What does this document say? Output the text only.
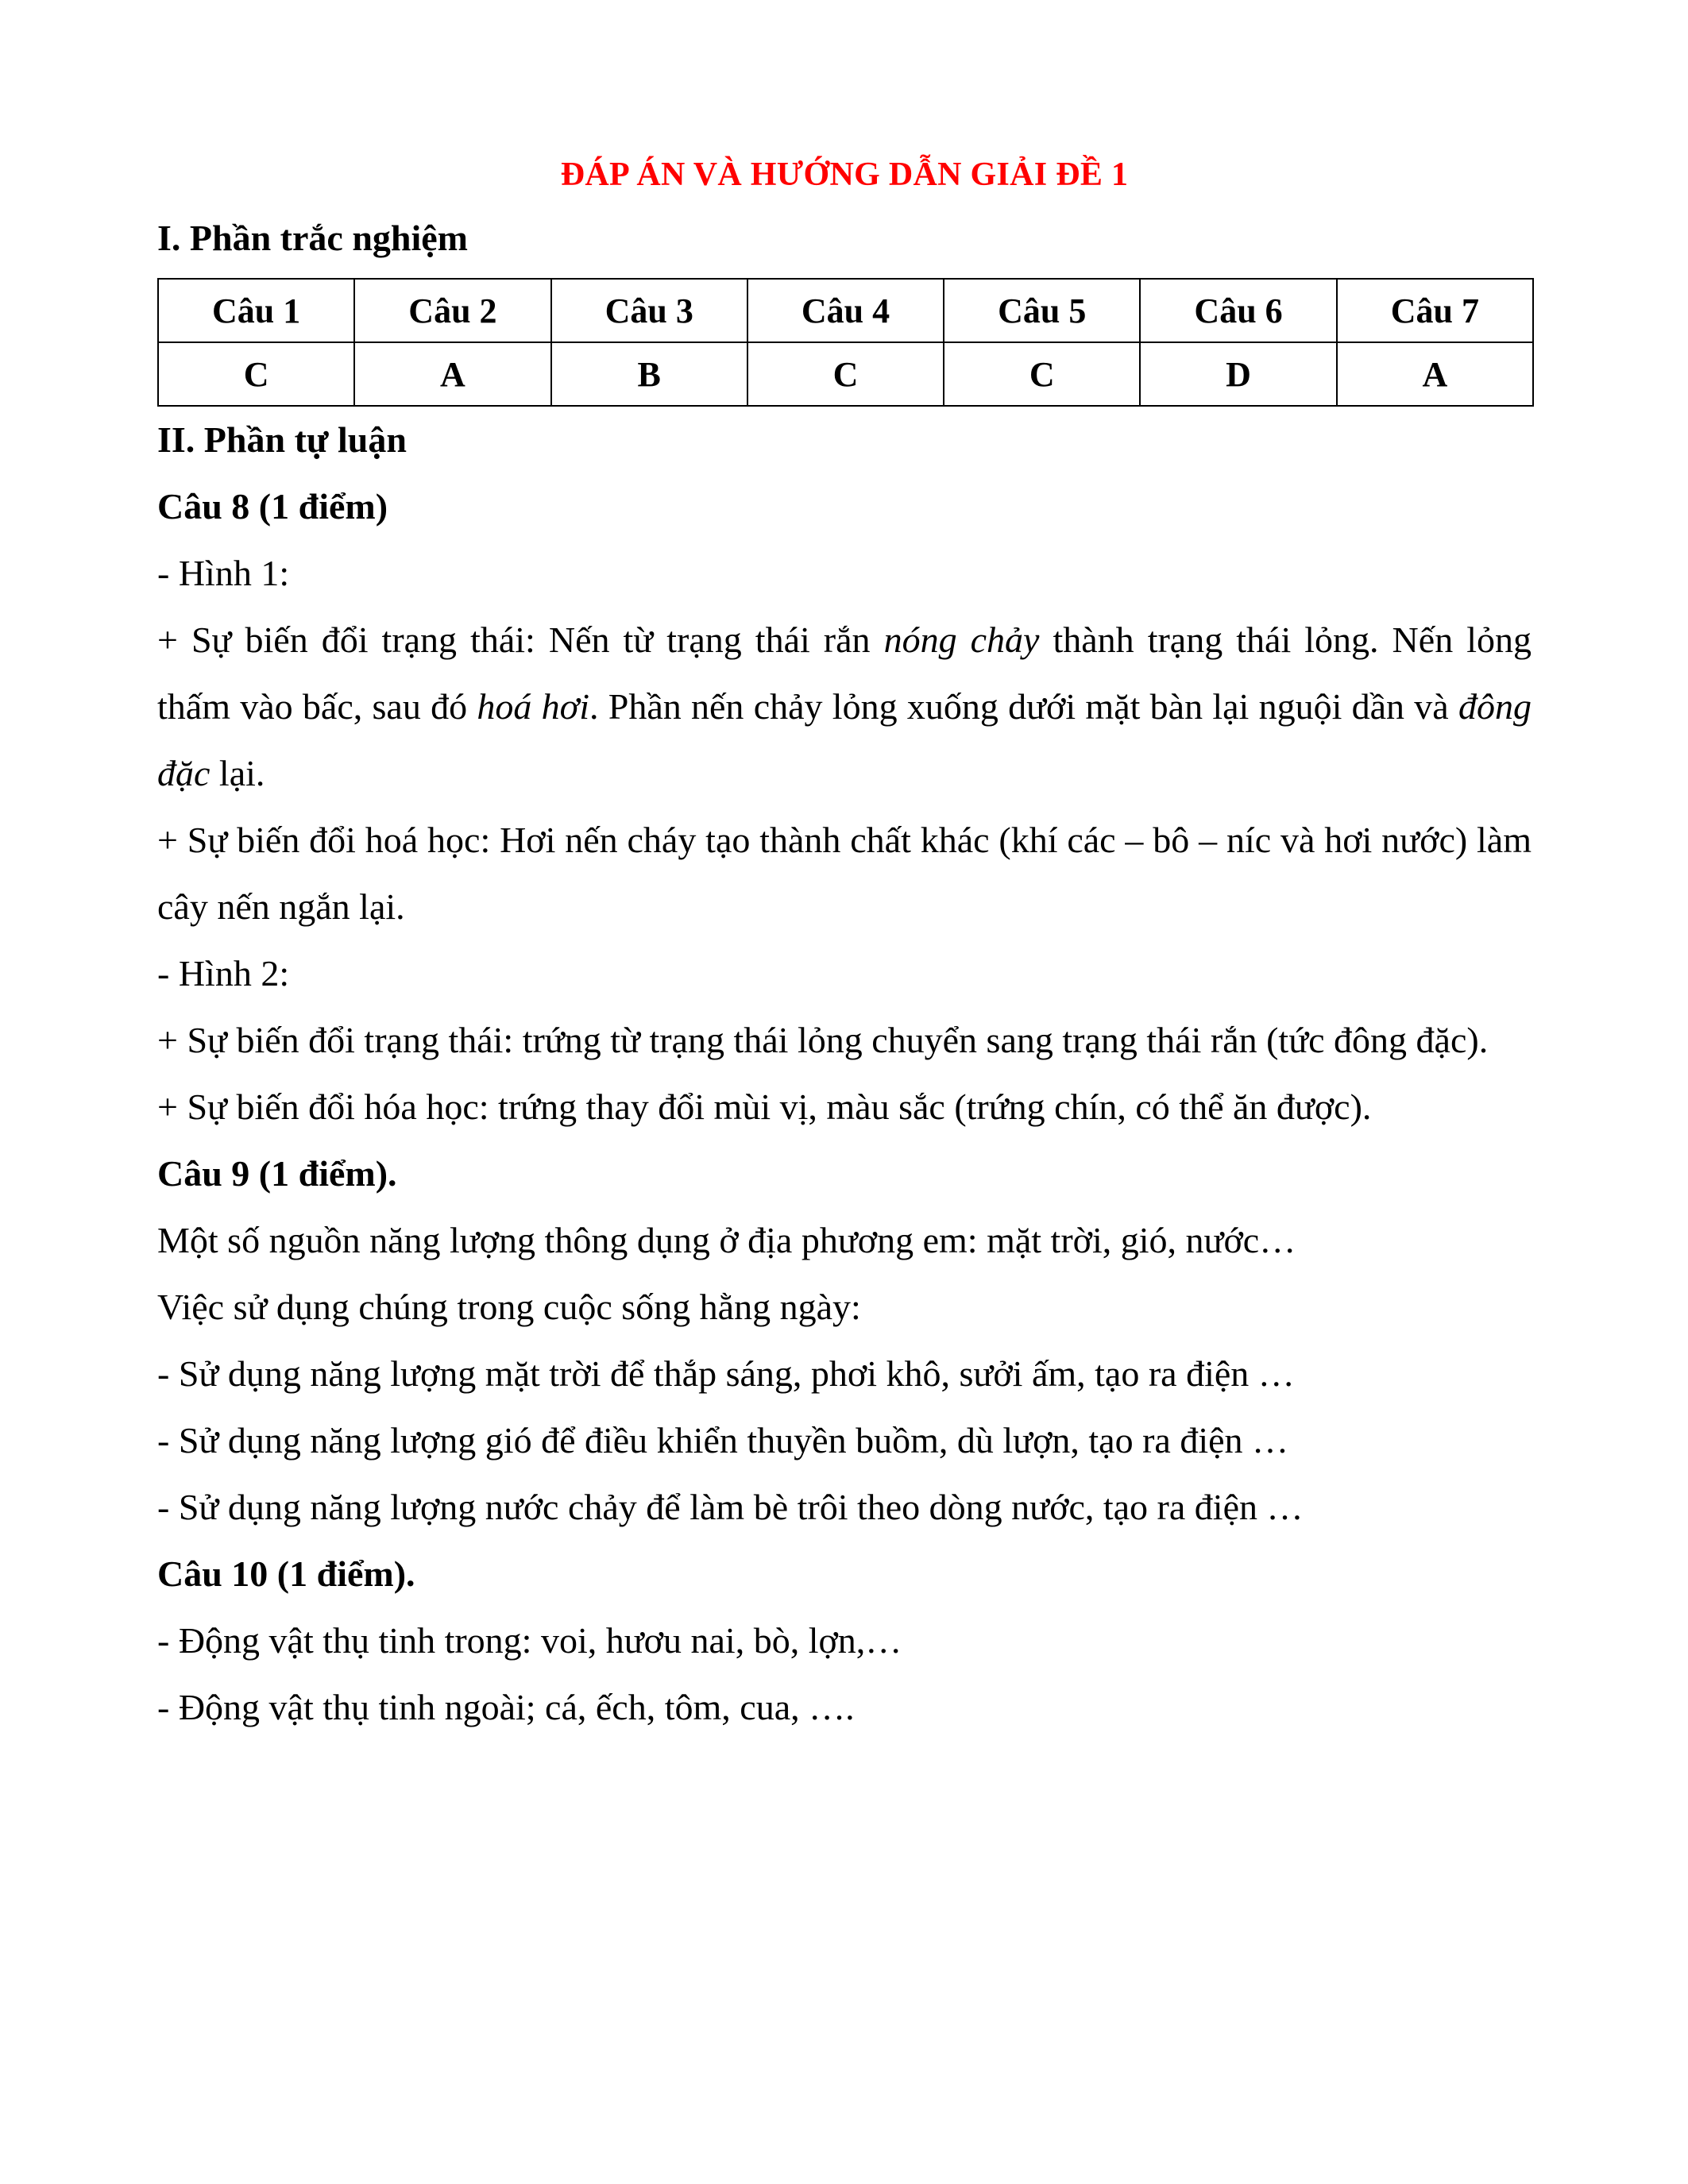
ĐÁP ÁN VÀ HƯỚNG DẪN GIẢI ĐỀ 1
I. Phần trắc nghiệm
Câu 1	Câu 2	Câu 3	Câu 4	Câu 5	Câu 6	Câu 7
C	A	B	C	C	D	A
II. Phần tự luận
Câu 8 (1 điểm)
- Hình 1:
+ Sự biến đổi trạng thái: Nến từ trạng thái rắn nóng chảy thành trạng thái lỏng. Nến lỏng thấm vào bấc, sau đó hoá hơi. Phần nến chảy lỏng xuống dưới mặt bàn lại nguội dần và đông đặc lại.
+ Sự biến đổi hoá học: Hơi nến cháy tạo thành chất khác (khí các – bô – níc và hơi nước) làm cây nến ngắn lại.
- Hình 2:
+ Sự biến đổi trạng thái: trứng từ trạng thái lỏng chuyển sang trạng thái rắn (tức đông đặc).
+ Sự biến đổi hóa học: trứng thay đổi mùi vị, màu sắc (trứng chín, có thể ăn được).
Câu 9 (1 điểm).
Một số nguồn năng lượng thông dụng ở địa phương em: mặt trời, gió, nước…
Việc sử dụng chúng trong cuộc sống hằng ngày:
- Sử dụng năng lượng mặt trời để thắp sáng, phơi khô, sưởi ấm, tạo ra điện …
- Sử dụng năng lượng gió để điều khiển thuyền buồm, dù lượn, tạo ra điện …
- Sử dụng năng lượng nước chảy để làm bè trôi theo dòng nước, tạo ra điện …
Câu 10 (1 điểm).
- Động vật thụ tinh trong: voi, hươu nai, bò, lợn,…
- Động vật thụ tinh ngoài; cá, ếch, tôm, cua, ….
